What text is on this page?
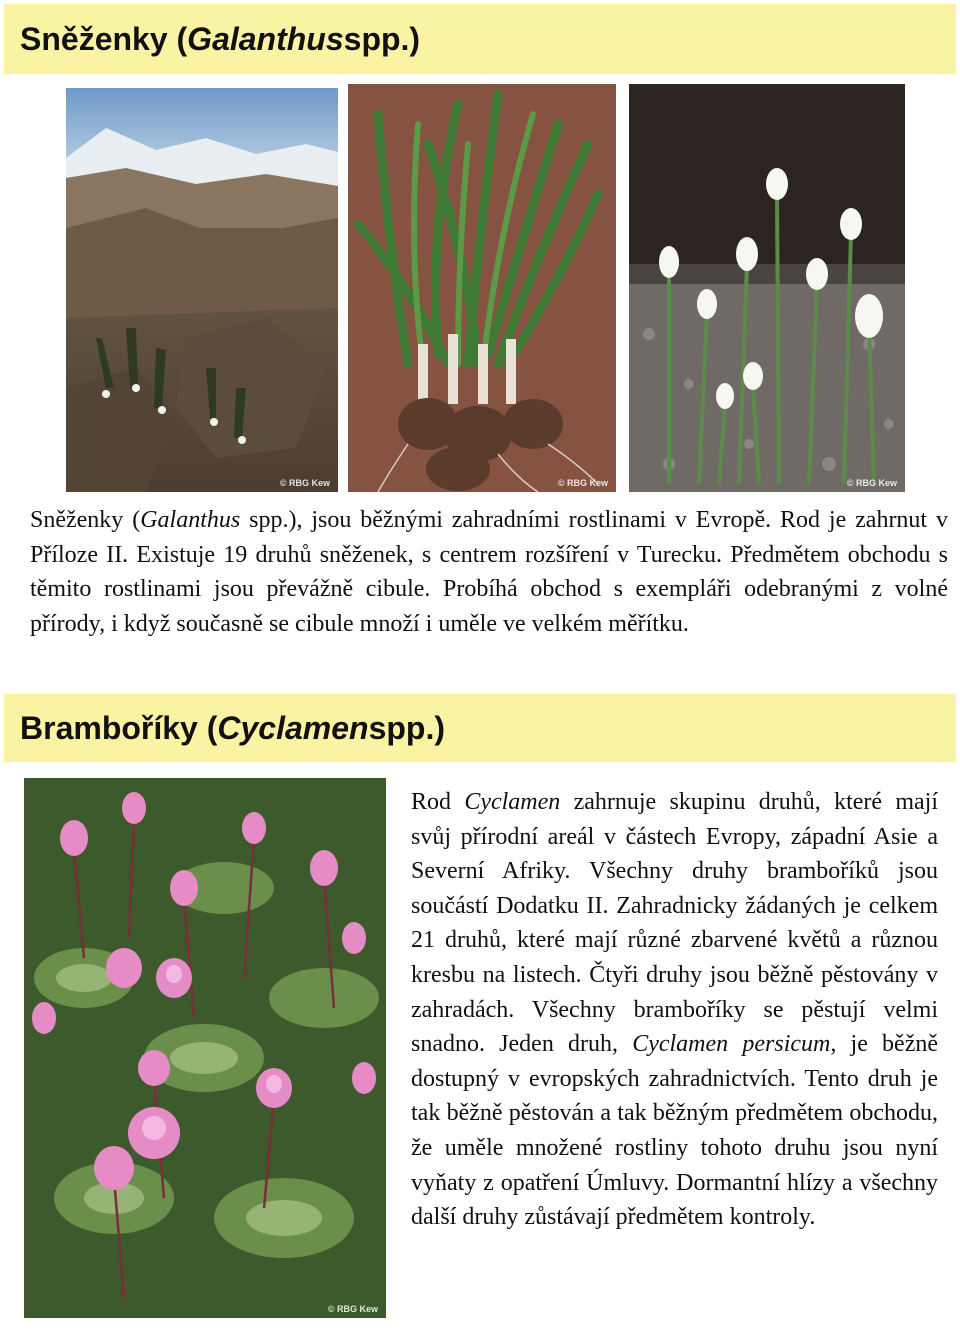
Sněženky ( Galanthus spp.)
© RBG Kew	© RBG Kew	© RBG Kew

Sněženky (Galanthus spp.), jsou běžnými zahradními rostlinami v Evropě. Rod je zahrnut v Příloze II. Existuje 19 druhů sněženek, s centrem rozšíření v Turecku. Předmětem obchodu s těmito rostlinami jsou převážně cibule. Probíhá obchod s exempláři odebranými z volné přírody, i když současně se cibule množí i uměle ve velkém měřítku.

Bramboříky ( Cyclamen spp.)
© RBG Kew

Rod Cyclamen zahrnuje skupinu druhů, které mají svůj přírodní areál v částech Evropy, západní Asie a Severní Afriky. Všechny druhy bramboříků jsou součástí Dodatku II. Zahradnicky žádaných je celkem 21 druhů, které mají různé zbarvené květů a různou kresbu na listech. Čtyři druhy jsou běžně pěstovány v zahradách. Všechny bramboříky se pěstují velmi snadno. Jeden druh, Cyclamen persicum, je běžně dostupný v evropských zahradnictvích. Tento druh je tak běžně pěstován a tak běžným předmětem obchodu, že uměle množené rostliny tohoto druhu jsou nyní vyňaty z opatření Úmluvy. Dormantní hlízy a všechny další druhy zůstávají předmětem kontroly.
